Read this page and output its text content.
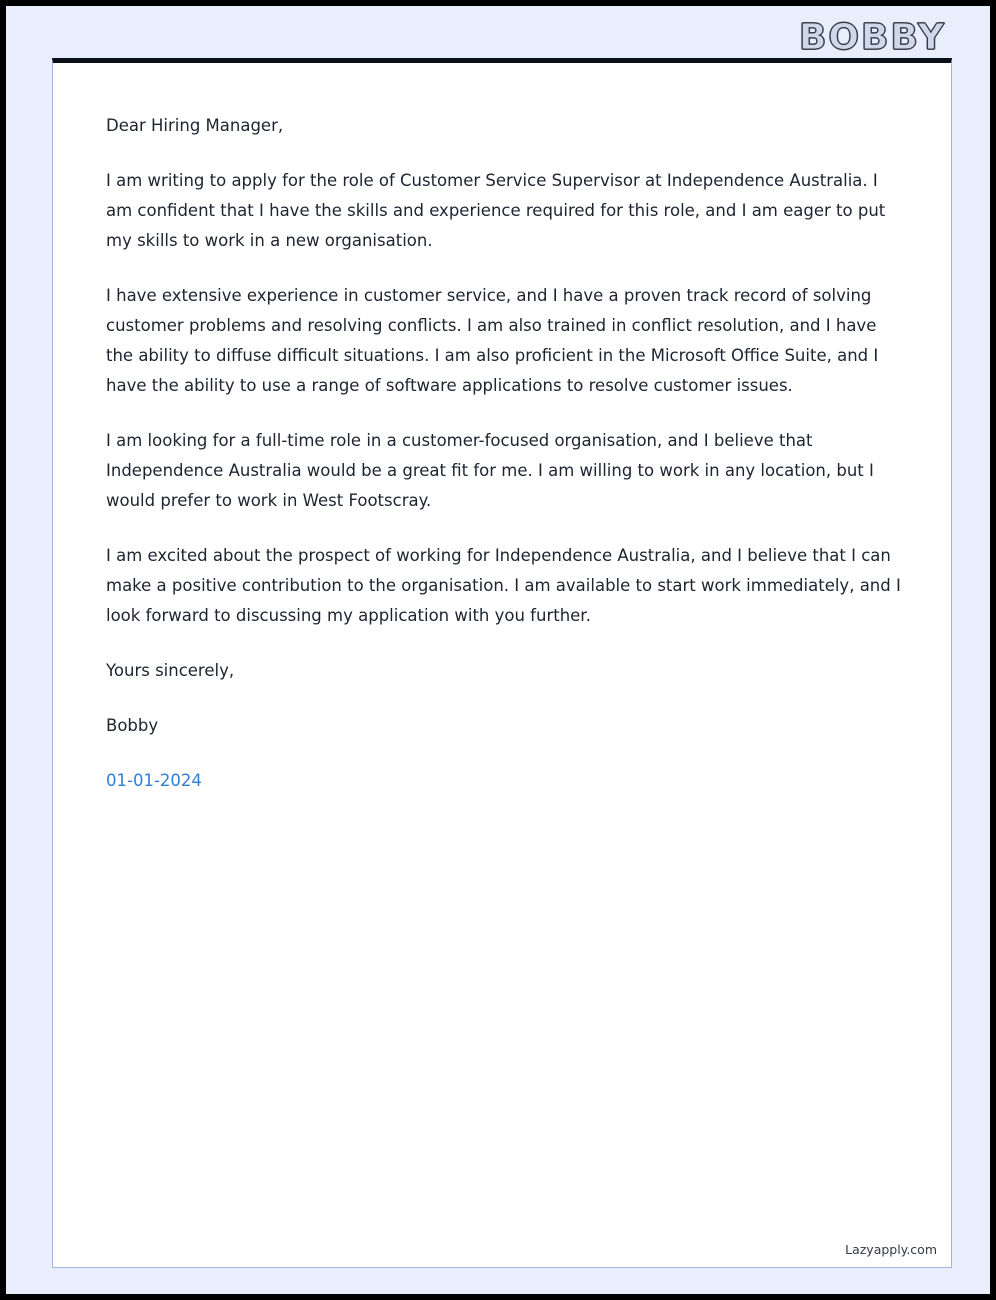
BOBBY

Dear Hiring Manager,

I am writing to apply for the role of Customer Service Supervisor at Independence Australia. I am confident that I have the skills and experience required for this role, and I am eager to put my skills to work in a new organisation.

I have extensive experience in customer service, and I have a proven track record of solving customer problems and resolving conflicts. I am also trained in conflict resolution, and I have the ability to diffuse difficult situations. I am also proficient in the Microsoft Office Suite, and I have the ability to use a range of software applications to resolve customer issues.

I am looking for a full-time role in a customer-focused organisation, and I believe that Independence Australia would be a great fit for me. I am willing to work in any location, but I would prefer to work in West Footscray.

I am excited about the prospect of working for Independence Australia, and I believe that I can make a positive contribution to the organisation. I am available to start work immediately, and I look forward to discussing my application with you further.

Yours sincerely,

Bobby

01-01-2024

Lazyapply.com
